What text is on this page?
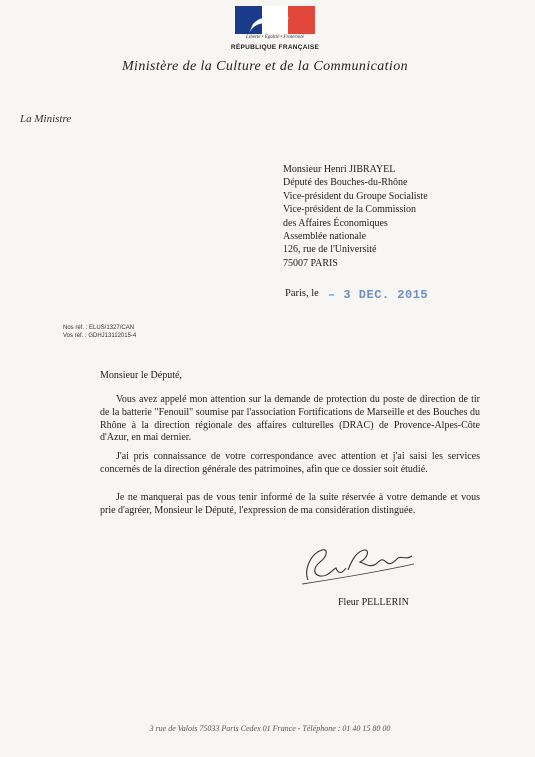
Liberté • Égalité • Fraternité
RÉPUBLIQUE FRANÇAISE
Ministère de la Culture et de la Communication
La Ministre
Monsieur Henri JIBRAYEL
Député des Bouches-du-Rhône
Vice-président du Groupe Socialiste
Vice-président de la Commission
des Affaires Économiques
Assemblée nationale
126, rue de l'Université
75007 PARIS
Paris, le – 3 DEC. 2015
Nos réf. : ELUS/1327/CAN
Vos réf. : GDHJ13112015-4
Monsieur le Député,
Vous avez appelé mon attention sur la demande de protection du poste de direction de tir de la batterie "Fenouil" soumise par l'association Fortifications de Marseille et des Bouches du Rhône à la direction régionale des affaires culturelles (DRAC) de Provence-Alpes-Côte d'Azur, en mai dernier.
J'ai pris connaissance de votre correspondance avec attention et j'ai saisi les services concernés de la direction générale des patrimoines, afin que ce dossier soit étudié.
Je ne manquerai pas de vous tenir informé de la suite réservée à votre demande et vous prie d'agréer, Monsieur le Député, l'expression de ma considération distinguée.
Fleur PELLERIN
3 rue de Valois 75033 Paris Cedex 01 France - Téléphone : 01 40 15 80 00
